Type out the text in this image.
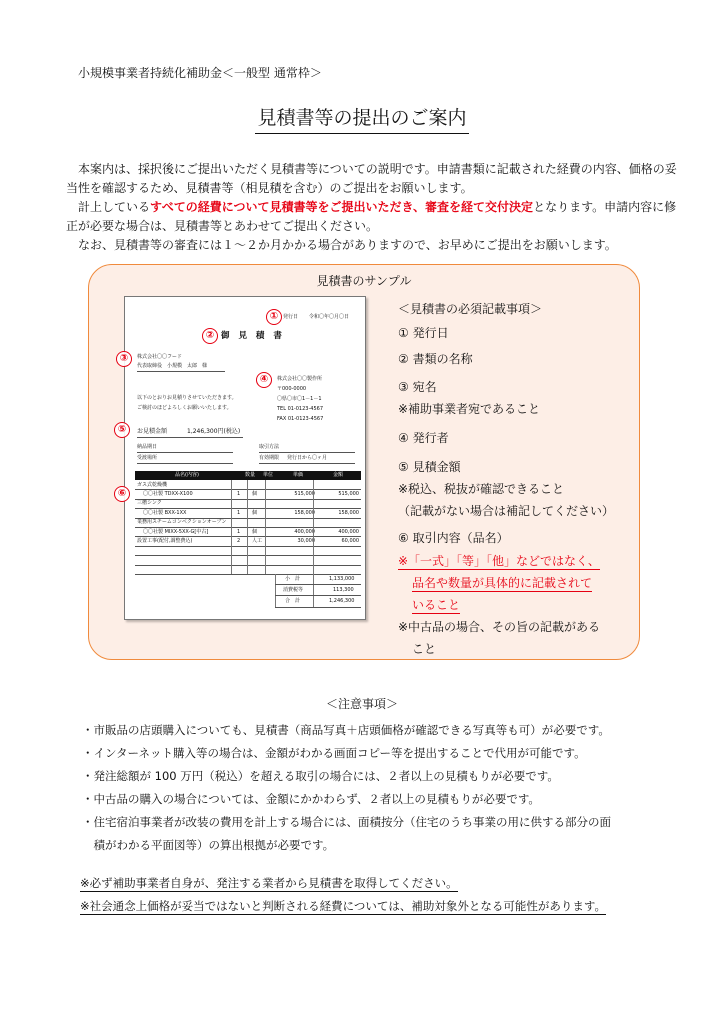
小規模事業者持続化補助金＜一般型 通常枠＞
見積書等の提出のご案内

本案内は、採択後にご提出いただく見積書等についての説明です。申請書類に記載された経費の内容、価格の妥当性を確認するため、見積書等（相見積を含む）のご提出をお願いします。

計上しているすべての経費について見積書等をご提出いただき、審査を経て交付決定となります。申請内容に修正が必要な場合は、見積書等とあわせてご提出ください。

なお、見積書等の審査には１～２か月かかる場合がありますので、お早めにご提出をお願いします。

見積書のサンプル
発行日 令和〇年〇月〇日
御 見 積 書
株式会社〇〇フード
代表取締役　小規模　太郎　様
以下のとおりお見積りさせていただきます。
ご検討のほどよろしくお願いいたします。
株式会社〇〇製作所
〒000-0000
〇県〇市〇1－1－1
TEL 01-0123-4567
FAX 01-0123-4567
お見積金額	1,246,300円(税込)
納品期日
受渡場所
取引方法
有効期限 発行日から〇ヶ月
品名(内容)	数量 単位	単価	金額
ガス式乾燥機
〇〇社製 TDXX-X100	1 個	515,000	515,000
三槽シンク
〇〇社製 BXX-1XX	1 個	158,000	158,000
業務用スチームコンベクションオーブン
〇〇社製 MIXX-5XX-G[中古]	1 個	400,000	400,000
設置工事(配付,調整費込)	2 人工	30,000	60,000
小　計	1,133,000
消費税等	113,300
合　計	1,246,300
①
②
③
④
⑤
⑥
＜見積書の必須記載事項＞
① 発行日
② 書類の名称
③ 宛名
※補助事業者宛であること
④ 発行者
⑤ 見積金額
※税込、税抜が確認できること
（記載がない場合は補記してください）
⑥ 取引内容（品名）
※「一式」「等」「他」などではなく、
品名や数量が具体的に記載されて
いること
※中古品の場合、その旨の記載がある
こと
＜注意事項＞
・市販品の店頭購入についても、見積書（商品写真＋店頭価格が確認できる写真等も可）が必要です。
・インターネット購入等の場合は、金額がわかる画面コピー等を提出することで代用が可能です。
・発注総額が 100 万円（税込）を超える取引の場合には、２者以上の見積もりが必要です。
・中古品の購入の場合については、金額にかかわらず、２者以上の見積もりが必要です。
・住宅宿泊事業者が改装の費用を計上する場合には、面積按分（住宅のうち事業の用に供する部分の面
　積がわかる平面図等）の算出根拠が必要です。
※必ず補助事業者自身が、発注する業者から見積書を取得してください。
※社会通念上価格が妥当ではないと判断される経費については、補助対象外となる可能性があります。
